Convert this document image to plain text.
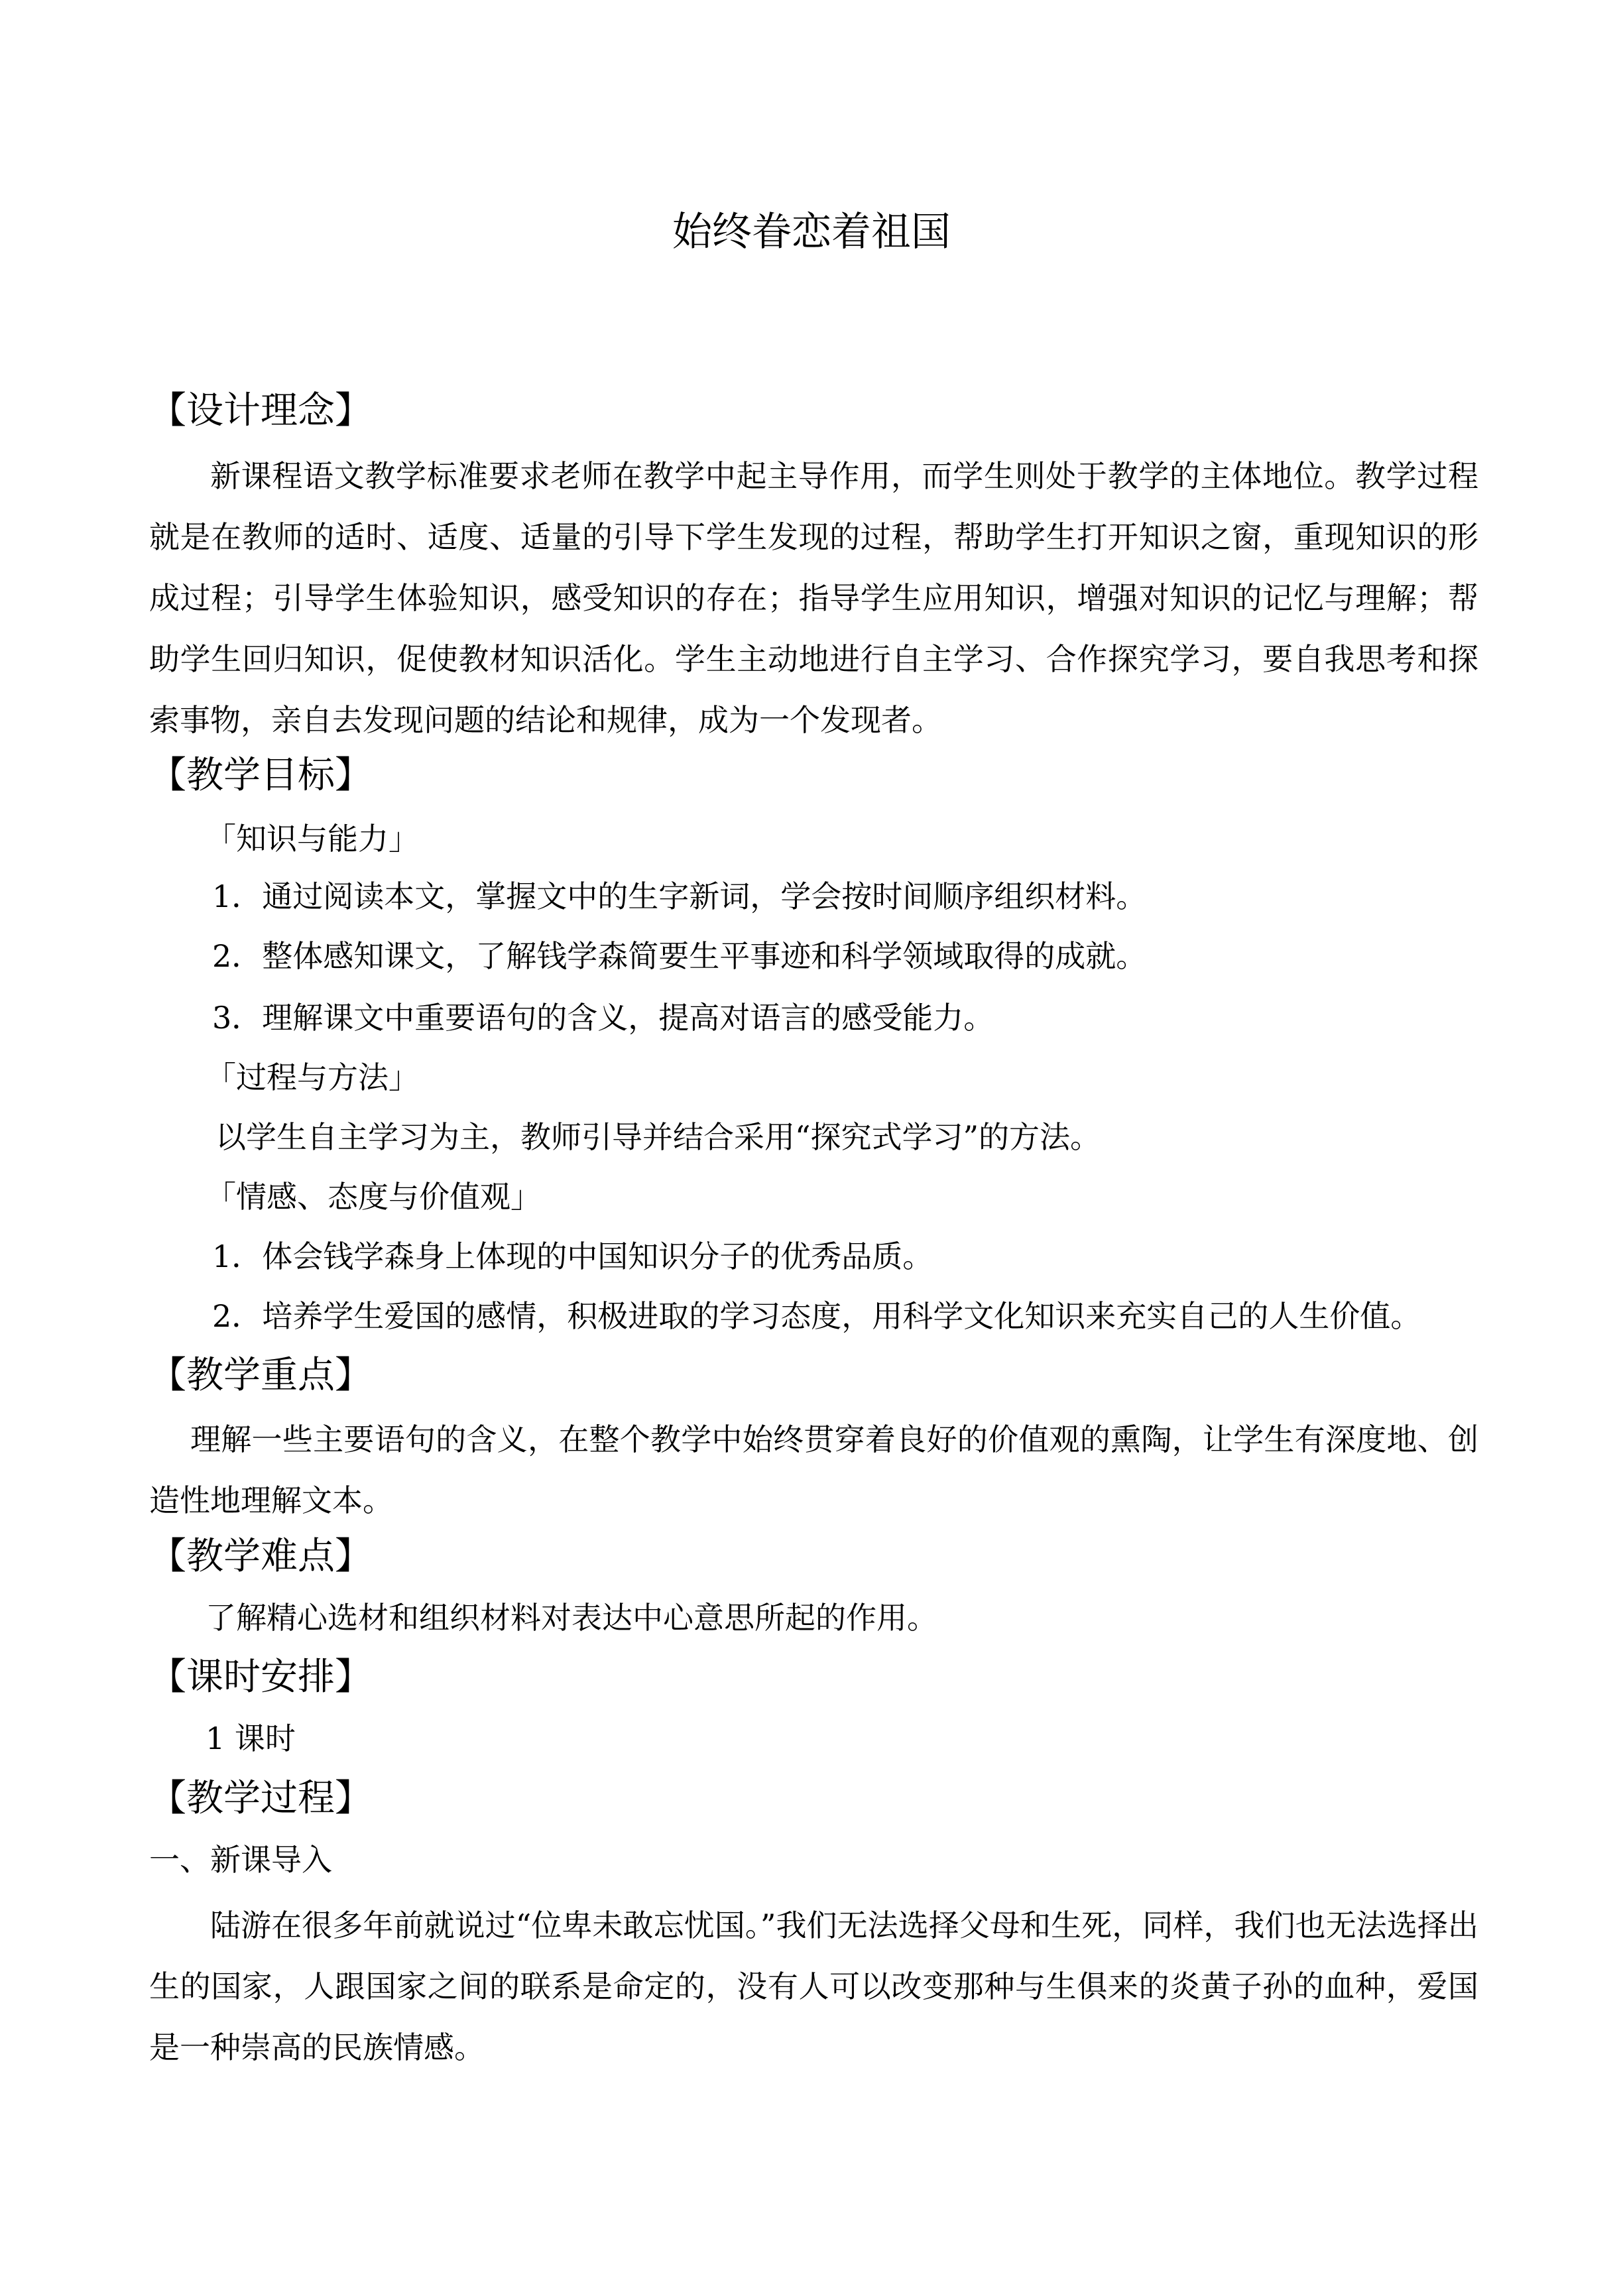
始终眷恋着祖国
【设计理念】

新课程语文教学标准要求老师在教学中起主导作用，而学生则处于教学的主体地位。教学过程就是在教师的适时、适度、适量的引导下学生发现的过程，帮助学生打开知识之窗，重现知识的形成过程；引导学生体验知识，感受知识的存在；指导学生应用知识，增强对知识的记忆与理解；帮助学生回归知识，促使教材知识活化。学生主动地进行自主学习、合作探究学习，要自我思考和探索事物，亲自去发现问题的结论和规律，成为一个发现者。

【教学目标】

「知识与能力」

1．通过阅读本文，掌握文中的生字新词，学会按时间顺序组织材料。

2．整体感知课文，了解钱学森简要生平事迹和科学领域取得的成就。

3．理解课文中重要语句的含义，提高对语言的感受能力。

「过程与方法」

以学生自主学习为主，教师引导并结合采用“探究式学习”的方法。

「情感、态度与价值观」

1．体会钱学森身上体现的中国知识分子的优秀品质。

2．培养学生爱国的感情，积极进取的学习态度，用科学文化知识来充实自己的人生价值。

【教学重点】

理解一些主要语句的含义，在整个教学中始终贯穿着良好的价值观的熏陶，让学生有深度地、创造性地理解文本。

【教学难点】

了解精心选材和组织材料对表达中心意思所起的作用。

【课时安排】

1 课时

【教学过程】

一、新课导入

陆游在很多年前就说过“位卑未敢忘忧国。”我们无法选择父母和生死，同样，我们也无法选择出生的国家，人跟国家之间的联系是命定的，没有人可以改变那种与生俱来的炎黄子孙的血种，爱国是一种崇高的民族情感。
